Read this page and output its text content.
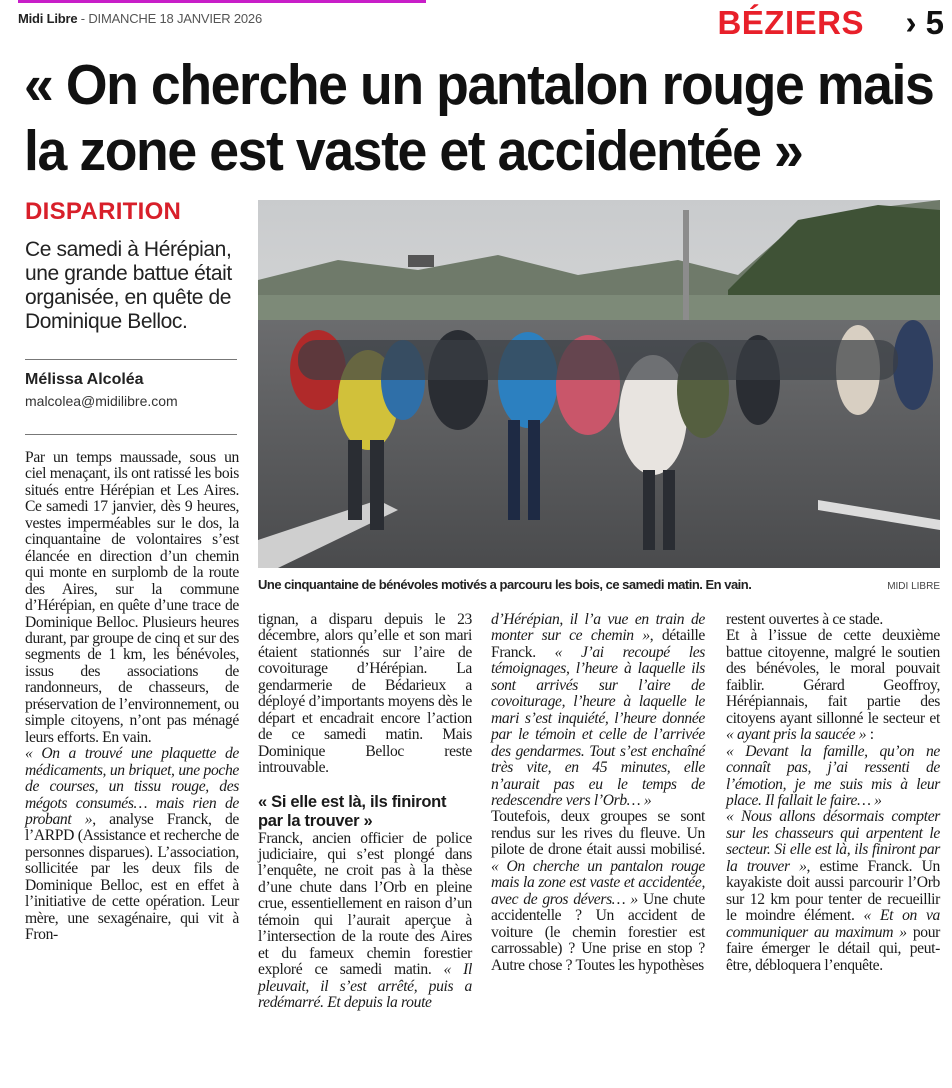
Midi Libre - DIMANCHE 18 JANVIER 2026	BÉZIERS › 5
« On cherche un pantalon rouge mais la zone est vaste et accidentée »
DISPARITION
Ce samedi à Hérépian, une grande battue était organisée, en quête de Dominique Belloc.
Mélissa Alcoléa
malcolea@midilibre.com
Une cinquantaine de bénévoles motivés a parcouru les bois, ce samedi matin. En vain.	MIDI LIBRE

Par un temps maussade, sous un ciel menaçant, ils ont ratissé les bois situés entre Hérépian et Les Aires. Ce samedi 17 janvier, dès 9 heures, vestes imperméables sur le dos, la cinquantaine de volontaires s’est élancée en direction d’un chemin qui monte en surplomb de la route des Aires, sur la commune d’Hérépian, en quête d’une trace de Dominique Belloc. Plusieurs heures durant, par groupe de cinq et sur des segments de 1 km, les bénévoles, issus des associations de randonneurs, de chasseurs, de préservation de l’environnement, ou simple citoyens, n’ont pas ménagé leurs efforts. En vain.

« On a trouvé une plaquette de médicaments, un briquet, une poche de courses, un tissu rouge, des mégots consumés… mais rien de probant », analyse Franck, de l’ARPD (Assistance et recherche de personnes disparues). L’association, sollicitée par les deux fils de Dominique Belloc, est en effet à l’initiative de cette opération. Leur mère, une sexagénaire, qui vit à Fron-

tignan, a disparu depuis le 23 décembre, alors qu’elle et son mari étaient stationnés sur l’aire de covoiturage d’Hérépian. La gendarmerie de Bédarieux a déployé d’importants moyens dès le départ et encadrait encore l’action de ce samedi matin. Mais Dominique Belloc reste introuvable.

« Si elle est là, ils finiront par la trouver »

Franck, ancien officier de police judiciaire, qui s’est plongé dans l’enquête, ne croit pas à la thèse d’une chute dans l’Orb en pleine crue, essentiellement en raison d’un témoin qui l’aurait aperçue à l’intersection de la route des Aires et du fameux chemin forestier exploré ce samedi matin. « Il pleuvait, il s’est arrêté, puis a redémarré. Et depuis la route

d’Hérépian, il l’a vue en train de monter sur ce chemin », détaille Franck. « J’ai recoupé les témoignages, l’heure à laquelle ils sont arrivés sur l’aire de covoiturage, l’heure à laquelle le mari s’est inquiété, l’heure donnée par le témoin et celle de l’arrivée des gendarmes. Tout s’est enchaîné très vite, en 45 minutes, elle n’aurait pas eu le temps de redescendre vers l’Orb… »

Toutefois, deux groupes se sont rendus sur les rives du fleuve. Un pilote de drone était aussi mobilisé. « On cherche un pantalon rouge mais la zone est vaste et accidentée, avec de gros dévers… » Une chute accidentelle ? Un accident de voiture (le chemin forestier est carrossable) ? Une prise en stop ? Autre chose ? Toutes les hypothèses

restent ouvertes à ce stade.

Et à l’issue de cette deuxième battue citoyenne, malgré le soutien des bénévoles, le moral pouvait faiblir. Gérard Geoffroy, Hérépiannais, fait partie des citoyens ayant sillonné le secteur et « ayant pris la saucée » :

« Devant la famille, qu’on ne connaît pas, j’ai ressenti de l’émotion, je me suis mis à leur place. Il fallait le faire… »

« Nous allons désormais compter sur les chasseurs qui arpentent le secteur. Si elle est là, ils finiront par la trouver », estime Franck. Un kayakiste doit aussi parcourir l’Orb sur 12 km pour tenter de recueillir le moindre élément. « Et on va communiquer au maximum » pour faire émerger le détail qui, peut-être, débloquera l’enquête.
